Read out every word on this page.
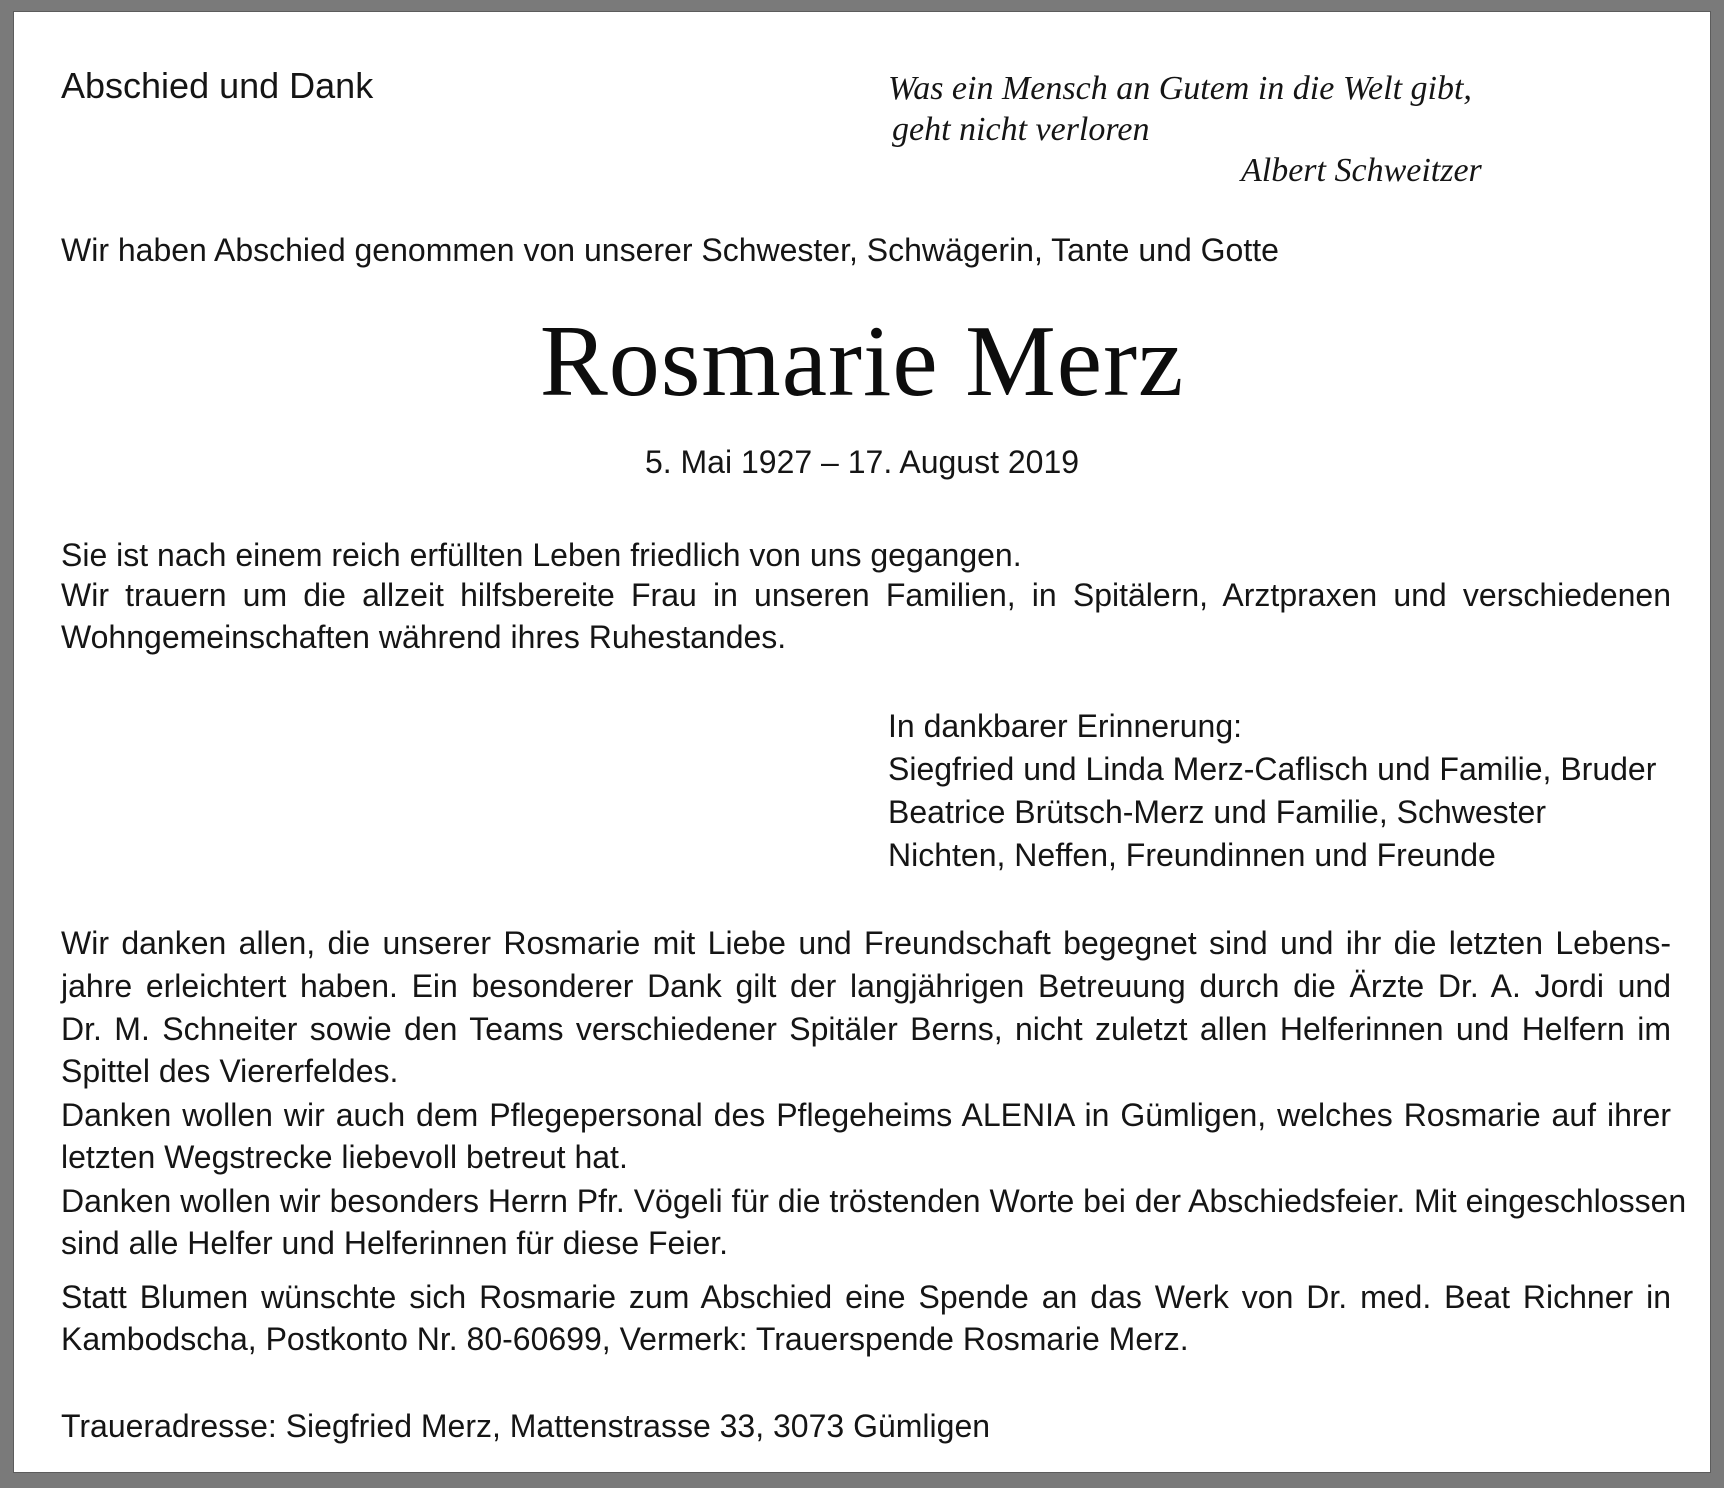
Abschied und Dank	Was ein Mensch an Gutem in die Welt gibt,
geht nicht verloren
Albert Schweitzer
Wir haben Abschied genommen von unserer Schwester, Schwägerin, Tante und Gotte
Rosmarie Merz
5. Mai 1927 – 17. August 2019
Sie ist nach einem reich erfüllten Leben friedlich von uns gegangen.
Wir trauern um die allzeit hilfsbereite Frau in unseren Familien, in Spitälern, Arztpraxen und verschiedenen
Wohngemeinschaften während ihres Ruhestandes.
In dankbarer Erinnerung:
Siegfried und Linda Merz-Caflisch und Familie, Bruder
Beatrice Brütsch-Merz und Familie, Schwester
Nichten, Neffen, Freundinnen und Freunde
Wir danken allen, die unserer Rosmarie mit Liebe und Freundschaft begegnet sind und ihr die letzten Lebens-
jahre erleichtert haben. Ein besonderer Dank gilt der langjährigen Betreuung durch die Ärzte Dr. A. Jordi und
Dr. M. Schneiter sowie den Teams verschiedener Spitäler Berns, nicht zuletzt allen Helferinnen und Helfern im
Spittel des Viererfeldes.
Danken wollen wir auch dem Pflegepersonal des Pflegeheims ALENIA in Gümligen, welches Rosmarie auf ihrer
letzten Wegstrecke liebevoll betreut hat.
Danken wollen wir besonders Herrn Pfr. Vögeli für die tröstenden Worte bei der Abschiedsfeier. Mit eingeschlossen
sind alle Helfer und Helferinnen für diese Feier.
Statt Blumen wünschte sich Rosmarie zum Abschied eine Spende an das Werk von Dr. med. Beat Richner in
Kambodscha, Postkonto Nr. 80-60699, Vermerk: Trauerspende Rosmarie Merz.
Traueradresse: Siegfried Merz, Mattenstrasse 33, 3073 Gümligen
